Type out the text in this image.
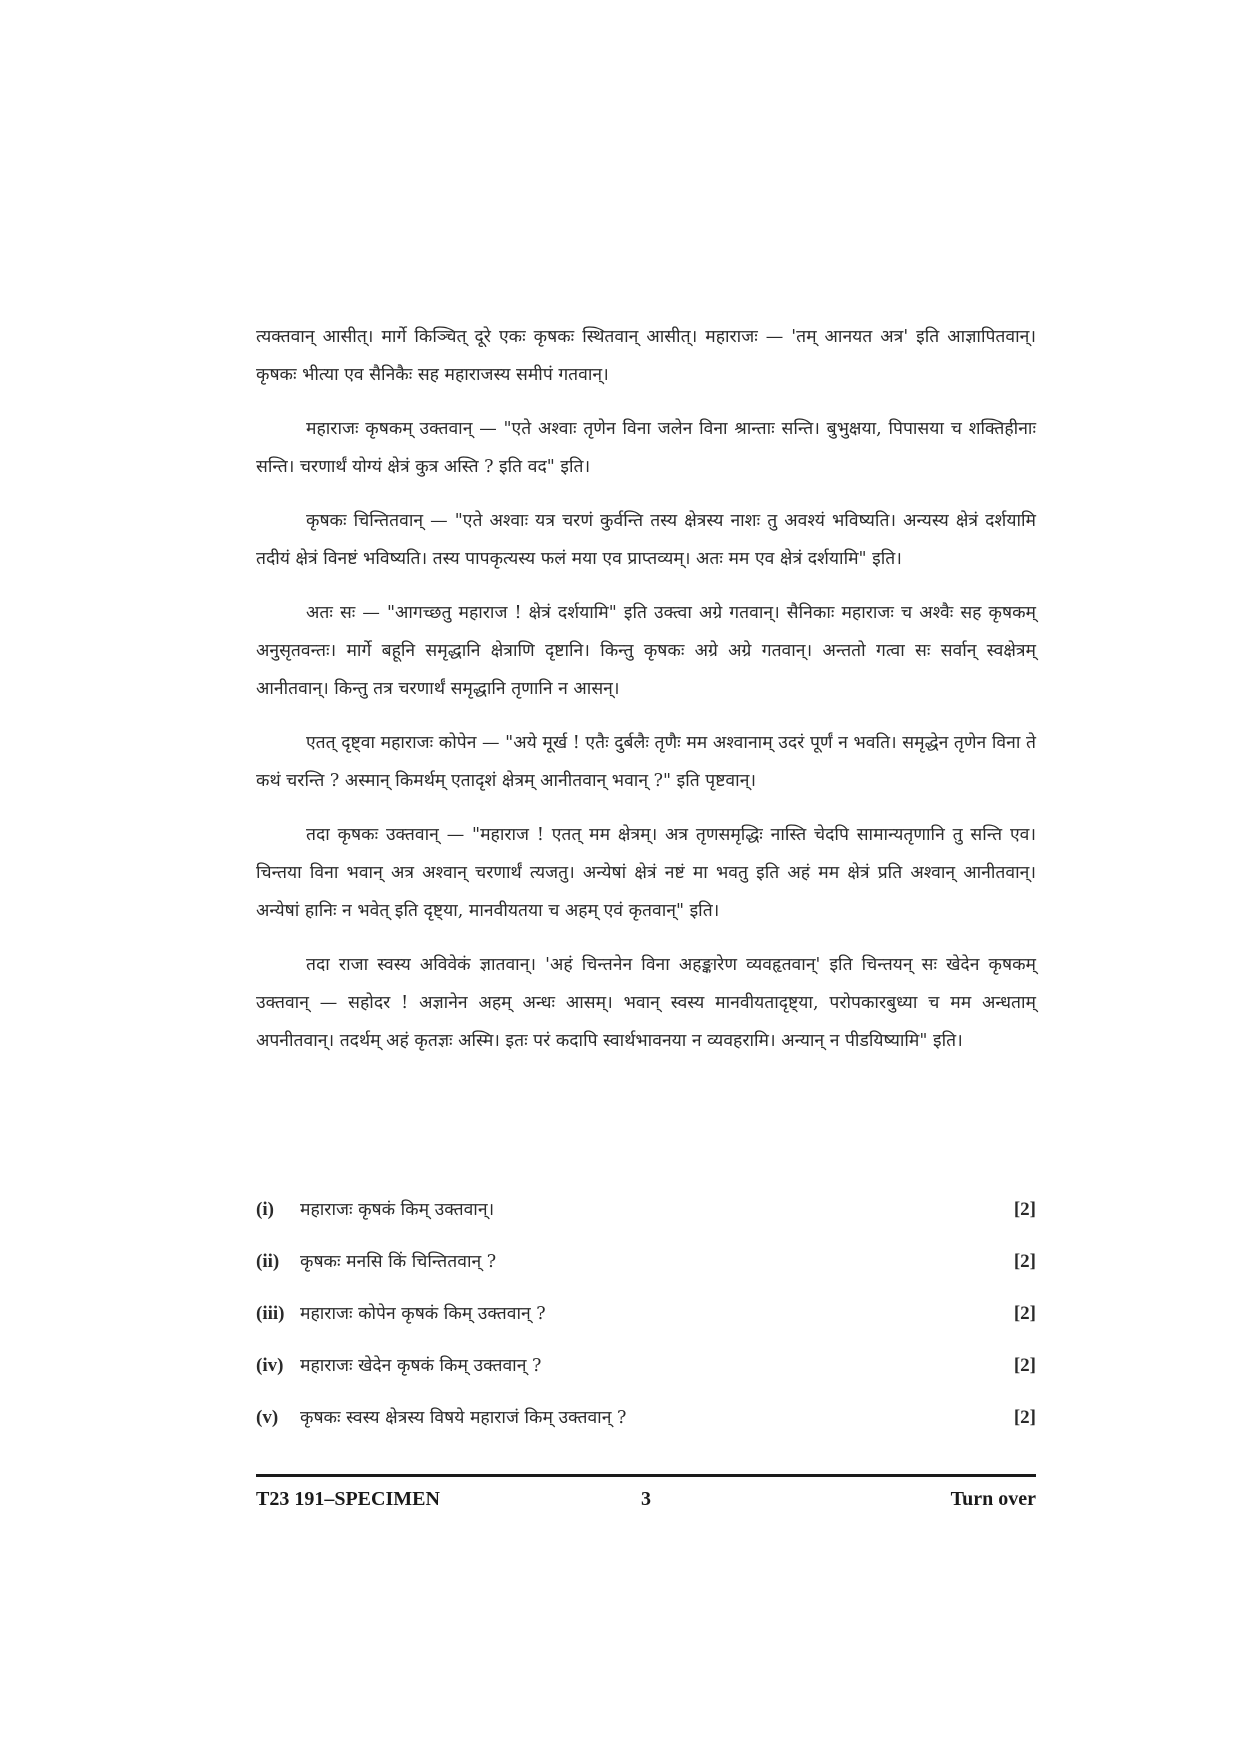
त्यक्तवान् आसीत्। मार्गे किञ्चित् दूरे एकः कृषकः स्थितवान् आसीत्। महाराजः — 'तम् आनयत अत्र' इति आज्ञापितवान्। कृषकः भीत्या एव सैनिकैः सह महाराजस्य समीपं गतवान्।

महाराजः कृषकम् उक्तवान् — "एते अश्वाः तृणेन विना जलेन विना श्रान्ताः सन्ति। बुभुक्षया, पिपासया च शक्तिहीनाः सन्ति। चरणार्थं योग्यं क्षेत्रं कुत्र अस्ति ? इति वद" इति।

कृषकः चिन्तितवान् — "एते अश्वाः यत्र चरणं कुर्वन्ति तस्य क्षेत्रस्य नाशः तु अवश्यं भविष्यति। अन्यस्य क्षेत्रं दर्शयामि तदीयं क्षेत्रं विनष्टं भविष्यति। तस्य पापकृत्यस्य फलं मया एव प्राप्तव्यम्। अतः मम एव क्षेत्रं दर्शयामि" इति।

अतः सः — "आगच्छतु महाराज ! क्षेत्रं दर्शयामि" इति उक्त्वा अग्रे गतवान्। सैनिकाः महाराजः च अश्वैः सह कृषकम् अनुसृतवन्तः। मार्गे बहूनि समृद्धानि क्षेत्राणि दृष्टानि। किन्तु कृषकः अग्रे अग्रे गतवान्। अन्ततो गत्वा सः सर्वान् स्वक्षेत्रम् आनीतवान्। किन्तु तत्र चरणार्थं समृद्धानि तृणानि न आसन्।

एतत् दृष्ट्वा महाराजः कोपेन — "अये मूर्ख ! एतैः दुर्बलैः तृणैः मम अश्वानाम् उदरं पूर्णं न भवति। समृद्धेन तृणेन विना ते कथं चरन्ति ? अस्मान् किमर्थम् एतादृशं क्षेत्रम् आनीतवान् भवान् ?" इति पृष्टवान्।

तदा कृषकः उक्तवान् — "महाराज ! एतत् मम क्षेत्रम्। अत्र तृणसमृद्धिः नास्ति चेदपि सामान्यतृणानि तु सन्ति एव। चिन्तया विना भवान् अत्र अश्वान् चरणार्थं त्यजतु। अन्येषां क्षेत्रं नष्टं मा भवतु इति अहं मम क्षेत्रं प्रति अश्वान् आनीतवान्। अन्येषां हानिः न भवेत् इति दृष्ट्या, मानवीयतया च अहम् एवं कृतवान्" इति।

तदा राजा स्वस्य अविवेकं ज्ञातवान्। 'अहं चिन्तनेन विना अहङ्कारेण व्यवहृतवान्' इति चिन्तयन् सः खेदेन कृषकम् उक्तवान् — सहोदर ! अज्ञानेन अहम् अन्धः आसम्। भवान् स्वस्य मानवीयतादृष्ट्या, परोपकारबुध्या च मम अन्धताम् अपनीतवान्। तदर्थम् अहं कृतज्ञः अस्मि। इतः परं कदापि स्वार्थभावनया न व्यवहरामि। अन्यान् न पीडयिष्यामि" इति।

(i)	महाराजः कृषकं किम् उक्तवान्।	[2]
(ii)	कृषकः मनसि किं चिन्तितवान् ?	[2]
(iii) महाराजः कोपेन कृषकं किम् उक्तवान् ?	[2]
(iv) महाराजः खेदेन कृषकं किम् उक्तवान् ?	[2]
(v)	कृषकः स्वस्य क्षेत्रस्य विषये महाराजं किम् उक्तवान् ?	[2]
T23 191–SPECIMEN	3	Turn over
